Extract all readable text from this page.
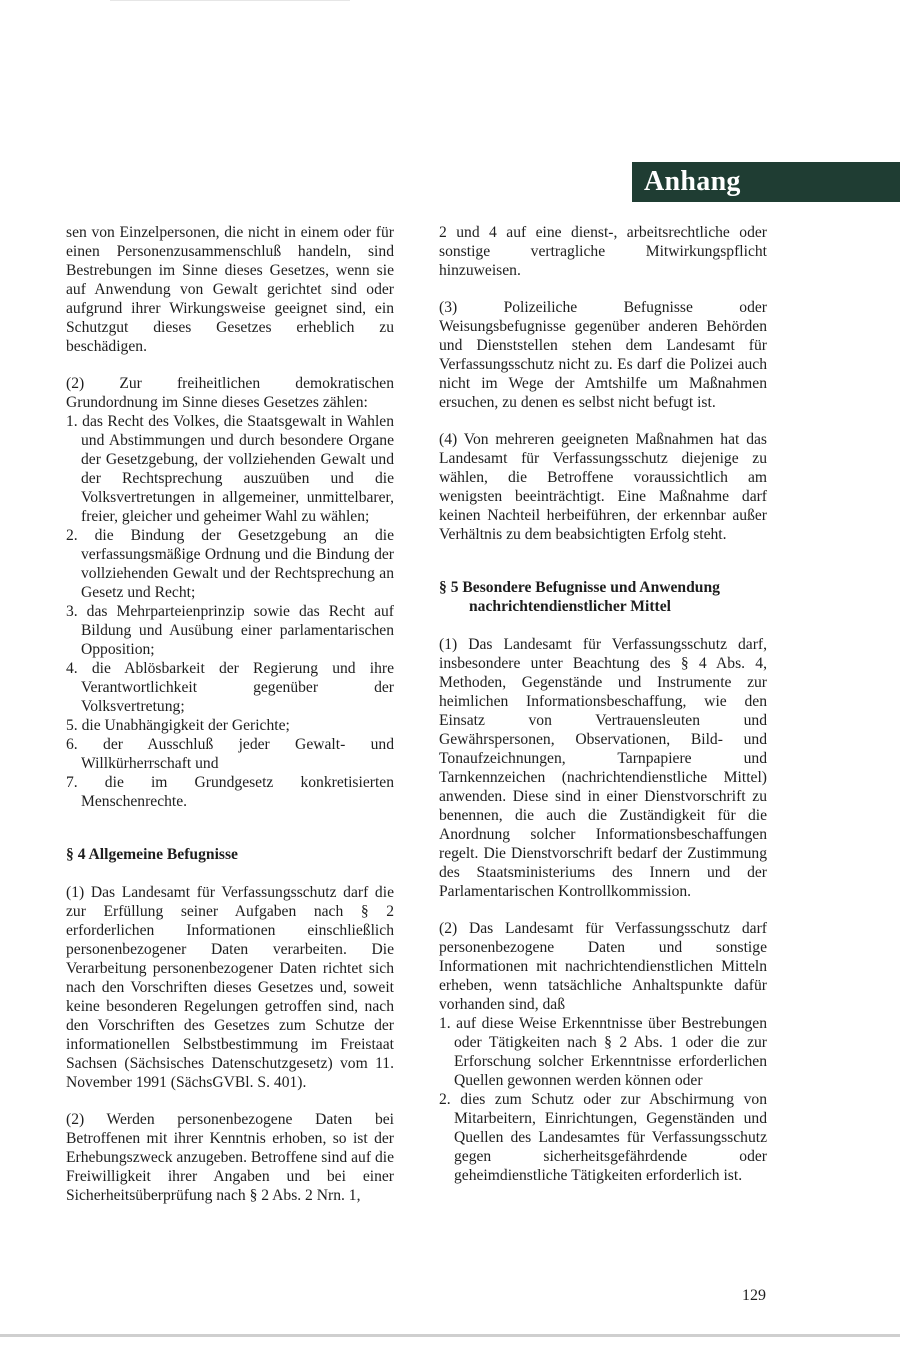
Anhang

sen von Einzelpersonen, die nicht in einem oder für einen Personenzusammenschluß handeln, sind Bestrebungen im Sinne dieses Gesetzes, wenn sie auf Anwendung von Gewalt gerichtet sind oder aufgrund ihrer Wirkungsweise geeignet sind, ein Schutzgut dieses Gesetzes erheblich zu beschädigen.

(2) Zur freiheitlichen demokratischen Grundordnung im Sinne dieses Gesetzes zählen:

1. das Recht des Volkes, die Staatsgewalt in Wahlen und Abstimmungen und durch besondere Organe der Gesetzgebung, der vollziehenden Gewalt und der Rechtsprechung auszuüben und die Volksvertretungen in allgemeiner, unmittelbarer, freier, gleicher und geheimer Wahl zu wählen;
2. die Bindung der Gesetzgebung an die verfassungsmäßige Ordnung und die Bindung der vollziehenden Gewalt und der Rechtsprechung an Gesetz und Recht;
3. das Mehrparteienprinzip sowie das Recht auf Bildung und Ausübung einer parlamentarischen Opposition;
4. die Ablösbarkeit der Regierung und ihre Verantwortlichkeit gegenüber der Volksvertretung;
5. die Unabhängigkeit der Gerichte;
6. der Ausschluß jeder Gewalt- und Willkürherrschaft und
7. die im Grundgesetz konkretisierten Menschenrechte.
§ 4 Allgemeine Befugnisse

(1) Das Landesamt für Verfassungsschutz darf die zur Erfüllung seiner Aufgaben nach § 2 erforderlichen Informationen einschließlich personenbezogener Daten verarbeiten. Die Verarbeitung personenbezogener Daten richtet sich nach den Vorschriften dieses Gesetzes und, soweit keine besonderen Regelungen getroffen sind, nach den Vorschriften des Gesetzes zum Schutze der informationellen Selbstbestimmung im Freistaat Sachsen (Sächsisches Datenschutzgesetz) vom 11. November 1991 (SächsGVBl. S. 401).

(2) Werden personenbezogene Daten bei Betroffenen mit ihrer Kenntnis erhoben, so ist der Erhebungszweck anzugeben. Betroffene sind auf die Freiwilligkeit ihrer Angaben und bei einer Sicherheitsüberprüfung nach § 2 Abs. 2 Nrn. 1,

2 und 4 auf eine dienst-, arbeitsrechtliche oder sonstige vertragliche Mitwirkungspflicht hinzuweisen.

(3) Polizeiliche Befugnisse oder Weisungsbefugnisse gegenüber anderen Behörden und Dienststellen stehen dem Landesamt für Verfassungsschutz nicht zu. Es darf die Polizei auch nicht im Wege der Amtshilfe um Maßnahmen ersuchen, zu denen es selbst nicht befugt ist.

(4) Von mehreren geeigneten Maßnahmen hat das Landesamt für Verfassungsschutz diejenige zu wählen, die Betroffene voraussichtlich am wenigsten beeinträchtigt. Eine Maßnahme darf keinen Nachteil herbeiführen, der erkennbar außer Verhältnis zu dem beabsichtigten Erfolg steht.

§ 5 Besondere Befugnisse und Anwendung nachrichtendienstlicher Mittel

(1) Das Landesamt für Verfassungsschutz darf, insbesondere unter Beachtung des § 4 Abs. 4, Methoden, Gegenstände und Instrumente zur heimlichen Informationsbeschaffung, wie den Einsatz von Vertrauensleuten und Gewährspersonen, Observationen, Bild- und Tonaufzeichnungen, Tarnpapiere und Tarnkennzeichen (nachrichtendienstliche Mittel) anwenden. Diese sind in einer Dienstvorschrift zu benennen, die auch die Zuständigkeit für die Anordnung solcher Informationsbeschaffungen regelt. Die Dienstvorschrift bedarf der Zustimmung des Staatsministeriums des Innern und der Parlamentarischen Kontrollkommission.

(2) Das Landesamt für Verfassungsschutz darf personenbezogene Daten und sonstige Informationen mit nachrichtendienstlichen Mitteln erheben, wenn tatsächliche Anhaltspunkte dafür vorhanden sind, daß

1. auf diese Weise Erkenntnisse über Bestrebungen oder Tätigkeiten nach § 2 Abs. 1 oder die zur Erforschung solcher Erkenntnisse erforderlichen Quellen gewonnen werden können oder
2. dies zum Schutz oder zur Abschirmung von Mitarbeitern, Einrichtungen, Gegenständen und Quellen des Landesamtes für Verfassungsschutz gegen sicherheitsgefährdende oder geheimdienstliche Tätigkeiten erforderlich ist.
129
